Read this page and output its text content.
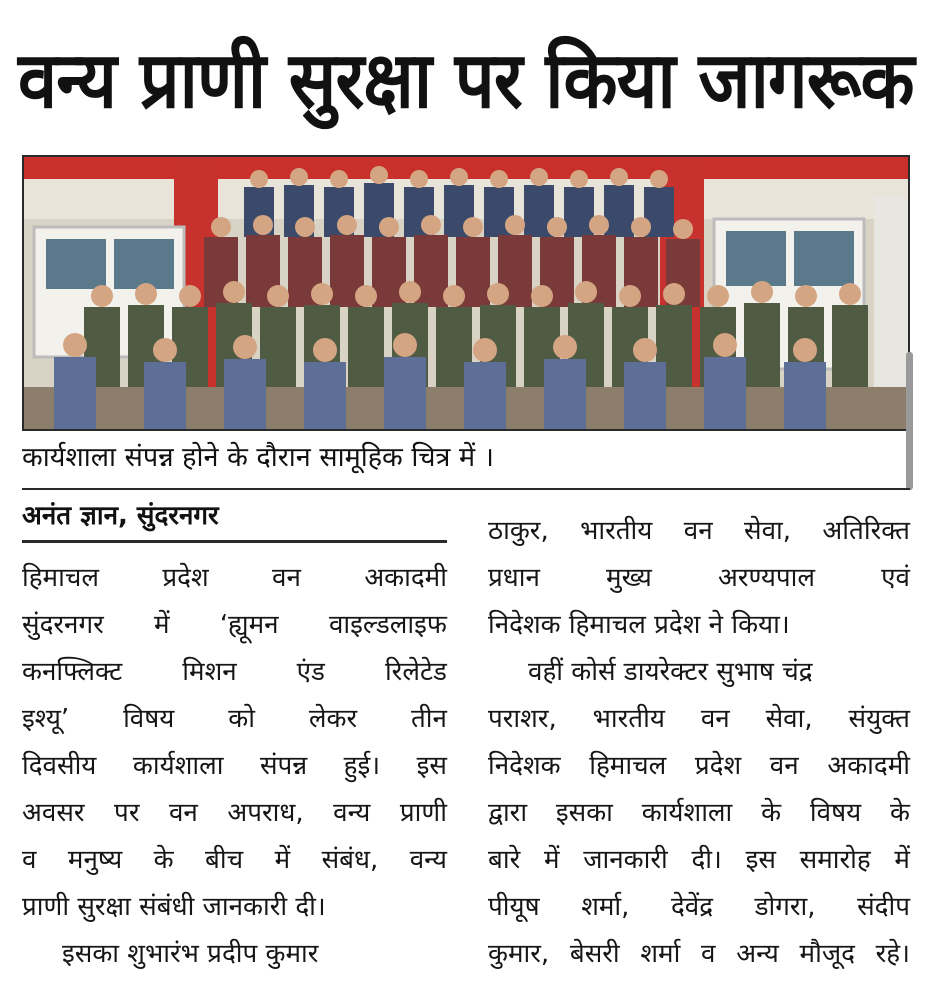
वन्य प्राणी सुरक्षा पर किया जागरूक
कार्यशाला संपन्न होने के दौरान सामूहिक चित्र में ।
अनंत ज्ञान, सुंदरनगर
हिमाचल प्रदेश वन अकादमी
सुंदरनगर में ‘ह्यूमन वाइल्डलाइफ
कनफ्लिक्ट मिशन एंड रिलेटेड
इश्यू’ विषय को लेकर तीन
दिवसीय कार्यशाला संपन्न हुई। इस
अवसर पर वन अपराध, वन्य प्राणी
व मनुष्य के बीच में संबंध, वन्य
प्राणी सुरक्षा संबंधी जानकारी दी।
इसका शुभारंभ प्रदीप कुमार
ठाकुर, भारतीय वन सेवा, अतिरिक्त
प्रधान	मुख्य	अरण्यपाल	एवं
निदेशक हिमाचल प्रदेश ने किया।
वहीं कोर्स डायरेक्टर सुभाष चंद्र
पराशर, भारतीय वन सेवा, संयुक्त
निदेशक हिमाचल प्रदेश वन अकादमी
द्वारा इसका कार्यशाला के विषय के
बारे में जानकारी दी। इस समारोह में
पीयूष शर्मा, देवेंद्र डोगरा, संदीप
कुमार, बेसरी शर्मा व अन्य मौजूद रहे।
